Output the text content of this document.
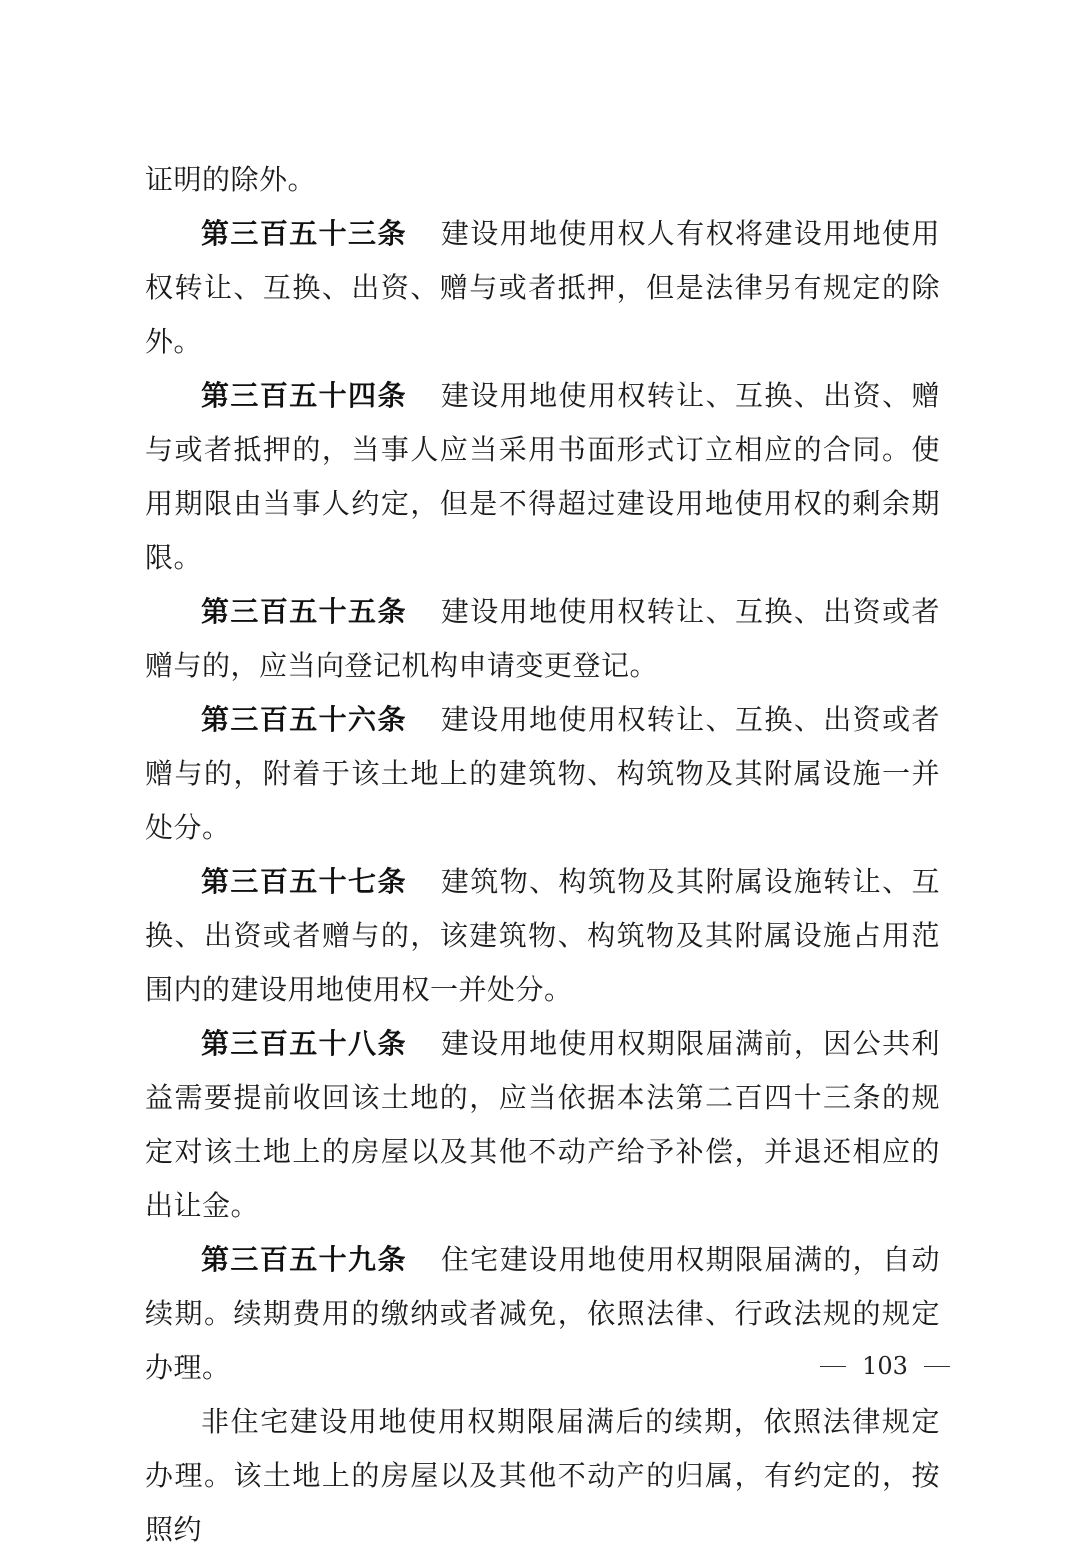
证明的除外。

第三百五十三条 建设用地使用权人有权将建设用地使用权转让、互换、出资、赠与或者抵押，但是法律另有规定的除外。

第三百五十四条 建设用地使用权转让、互换、出资、赠与或者抵押的，当事人应当采用书面形式订立相应的合同。使用期限由当事人约定，但是不得超过建设用地使用权的剩余期限。

第三百五十五条 建设用地使用权转让、互换、出资或者赠与的，应当向登记机构申请变更登记。

第三百五十六条 建设用地使用权转让、互换、出资或者赠与的，附着于该土地上的建筑物、构筑物及其附属设施一并处分。

第三百五十七条 建筑物、构筑物及其附属设施转让、互换、出资或者赠与的，该建筑物、构筑物及其附属设施占用范围内的建设用地使用权一并处分。

第三百五十八条 建设用地使用权期限届满前，因公共利益需要提前收回该土地的，应当依据本法第二百四十三条的规定对该土地上的房屋以及其他不动产给予补偿，并退还相应的出让金。

第三百五十九条 住宅建设用地使用权期限届满的，自动续期。续期费用的缴纳或者减免，依照法律、行政法规的规定办理。

非住宅建设用地使用权期限届满后的续期，依照法律规定办理。该土地上的房屋以及其他不动产的归属，有约定的，按照约

103
